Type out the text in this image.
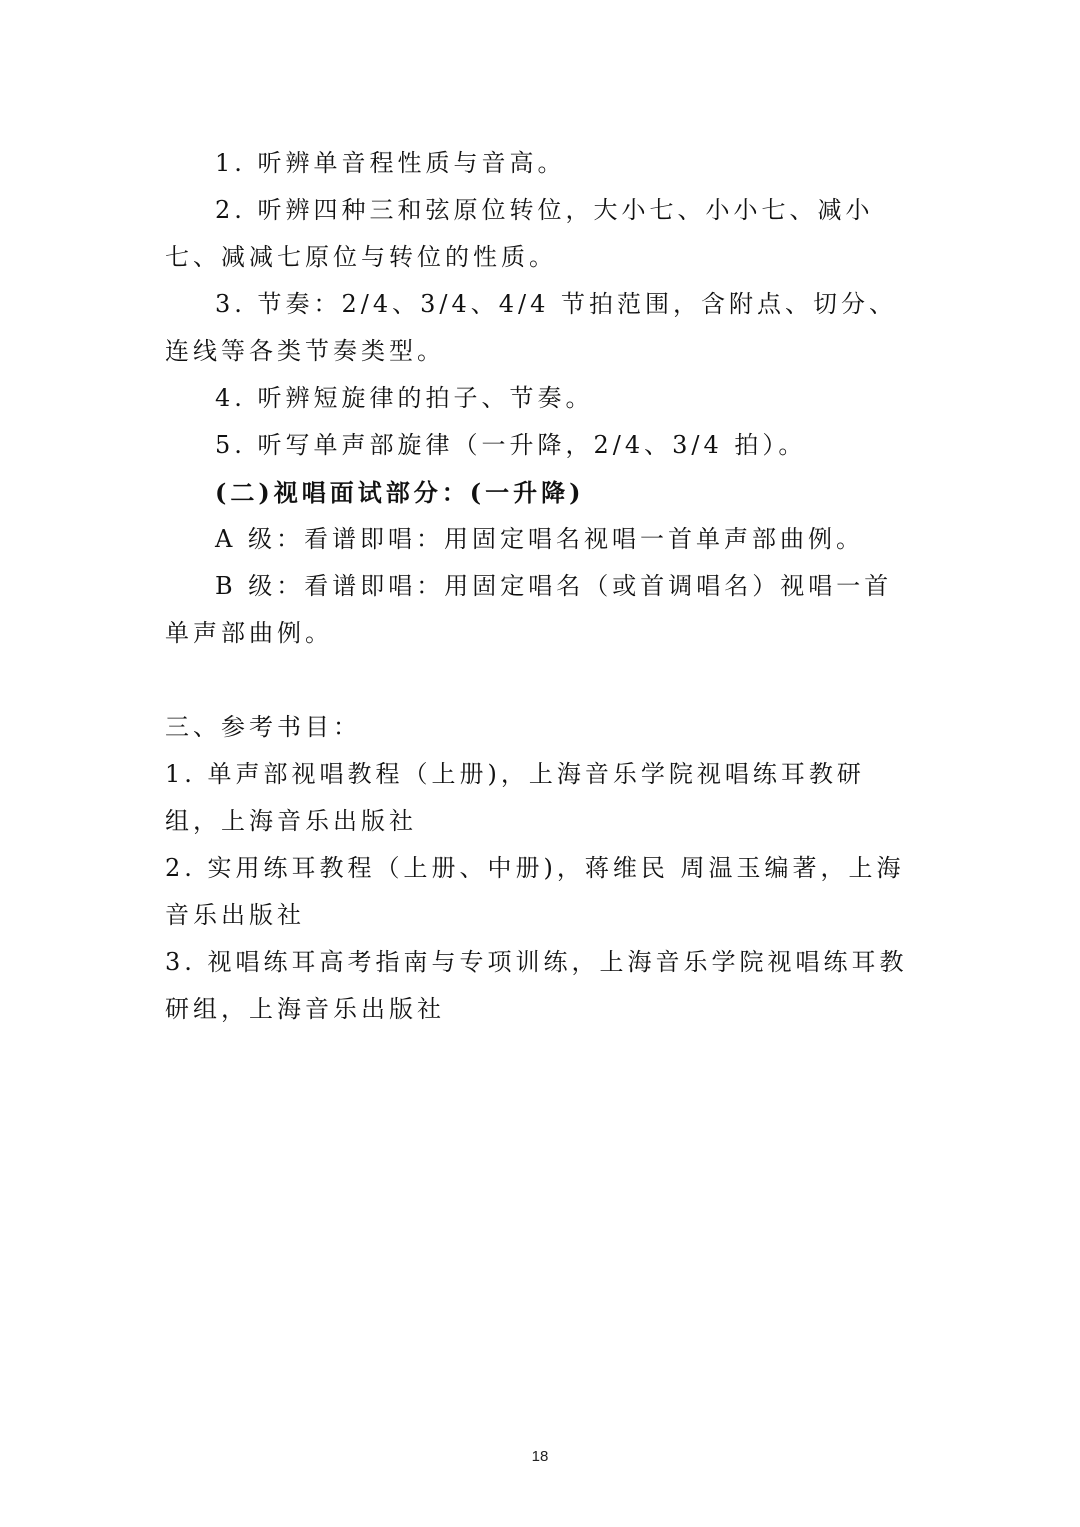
1. 听辨单音程性质与音高。

2. 听辨四种三和弦原位转位，大小七、小小七、减小七、减减七原位与转位的性质。

3. 节奏：2/4、3/4、4/4 节拍范围，含附点、切分、连线等各类节奏类型。

4. 听辨短旋律的拍子、节奏。

5. 听写单声部旋律（一升降，2/4、3/4 拍）。

(二)视唱面试部分：(一升降)

A 级：看谱即唱：用固定唱名视唱一首单声部曲例。

B 级：看谱即唱：用固定唱名（或首调唱名）视唱一首单声部曲例。

三、参考书目：

1. 单声部视唱教程（上册)，上海音乐学院视唱练耳教研组，上海音乐出版社

2. 实用练耳教程（上册、中册)，蒋维民 周温玉编著，上海音乐出版社

3. 视唱练耳高考指南与专项训练，上海音乐学院视唱练耳教研组，上海音乐出版社

18
